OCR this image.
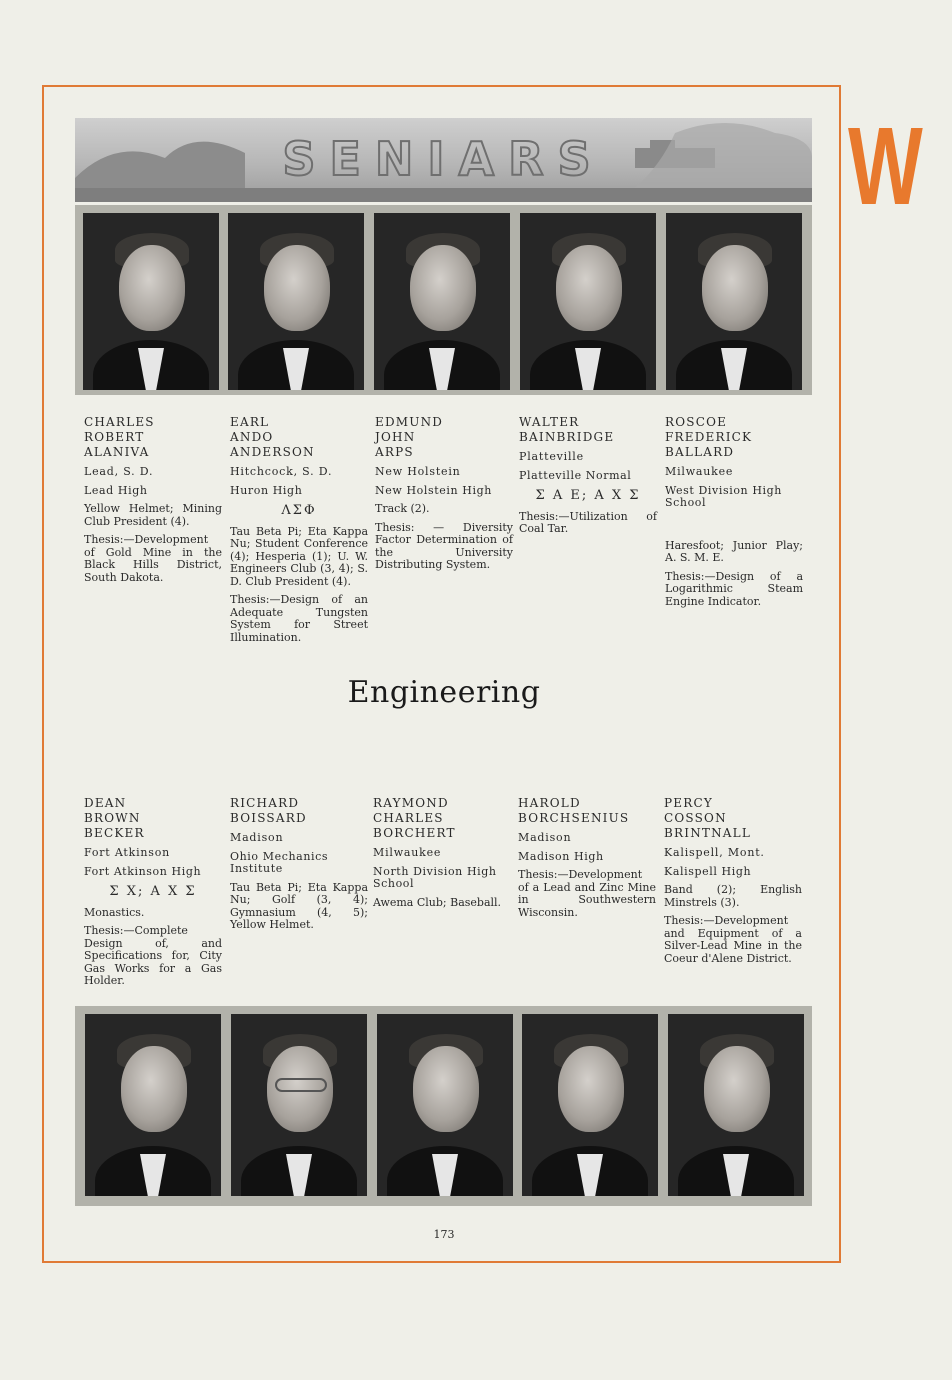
W
SENIARS

CHARLES

ROBERT

ALANIVA

Lead, S. D.

Lead High

Yellow Helmet; Mining Club President (4).

Thesis:—Development of Gold Mine in the Black Hills District, South Dakota.

EARL

ANDO

ANDERSON

Hitchcock, S. D.

Huron High

ΛΣΦ

Tau Beta Pi; Eta Kappa Nu; Student Conference (4); Hesperia (1); U. W. Engineers Club (3, 4); S. D. Club President (4).

Thesis:—Design of an Adequate Tungsten System for Street Illumination.

EDMUND

JOHN

ARPS

New Holstein

New Holstein High

Track (2).

Thesis: — Diversity Factor Determination of the University Distributing System.

WALTER

BAINBRIDGE

Platteville

Platteville Normal

Σ Α Ε; Α Χ Σ

Thesis:—Utilization of Coal Tar.

ROSCOE

FREDERICK

BALLARD

Milwaukee

West Division High School

Haresfoot; Junior Play; A. S. M. E.

Thesis:—Design of a Logarithmic Steam Engine Indicator.

Engineering

DEAN

BROWN

BECKER

Fort Atkinson

Fort Atkinson High

Σ Χ; Α Χ Σ

Monastics.

Thesis:—Complete Design of, and Specifications for, City Gas Works for a Gas Holder.

RICHARD

BOISSARD

Madison

Ohio Mechanics Institute

Tau Beta Pi; Eta Kappa Nu; Golf (3, 4); Gymnasium (4, 5); Yellow Helmet.

RAYMOND

CHARLES

BORCHERT

Milwaukee

North Division High School

Awema Club; Baseball.

HAROLD

BORCHSENIUS

Madison

Madison High

Thesis:—Development of a Lead and Zinc Mine in Southwestern Wisconsin.

PERCY

COSSON

BRINTNALL

Kalispell, Mont.

Kalispell High

Band (2); English Minstrels (3).

Thesis:—Development and Equipment of a Silver-Lead Mine in the Coeur d'Alene District.

173
